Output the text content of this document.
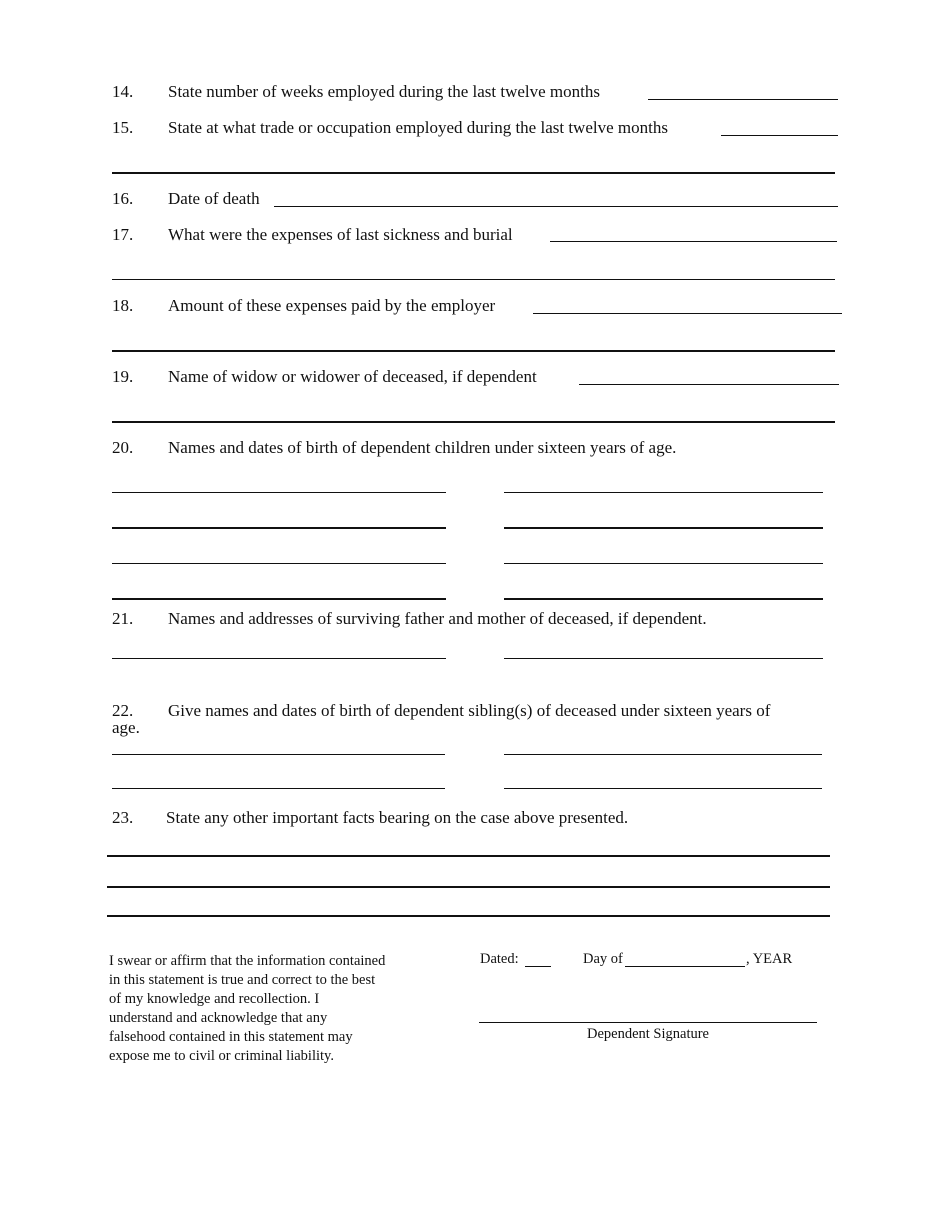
14. State number of weeks employed during the last twelve months
15. State at what trade or occupation employed during the last twelve months
16. Date of death
17. What were the expenses of last sickness and burial
18. Amount of these expenses paid by the employer
19. Name of widow or widower of deceased, if dependent
20. Names and dates of birth of dependent children under sixteen years of age.
21. Names and addresses of surviving father and mother of deceased, if dependent.
22. Give names and dates of birth of dependent sibling(s) of deceased under sixteen years of
age.
23. State any other important facts bearing on the case above presented.
I swear or affirm that the information contained
in this statement is true and correct to the best
of my knowledge and recollection. I
understand and acknowledge that any
falsehood contained in this statement may
expose me to civil or criminal liability.
Dated:	Day of	, YEAR
Dependent Signature
